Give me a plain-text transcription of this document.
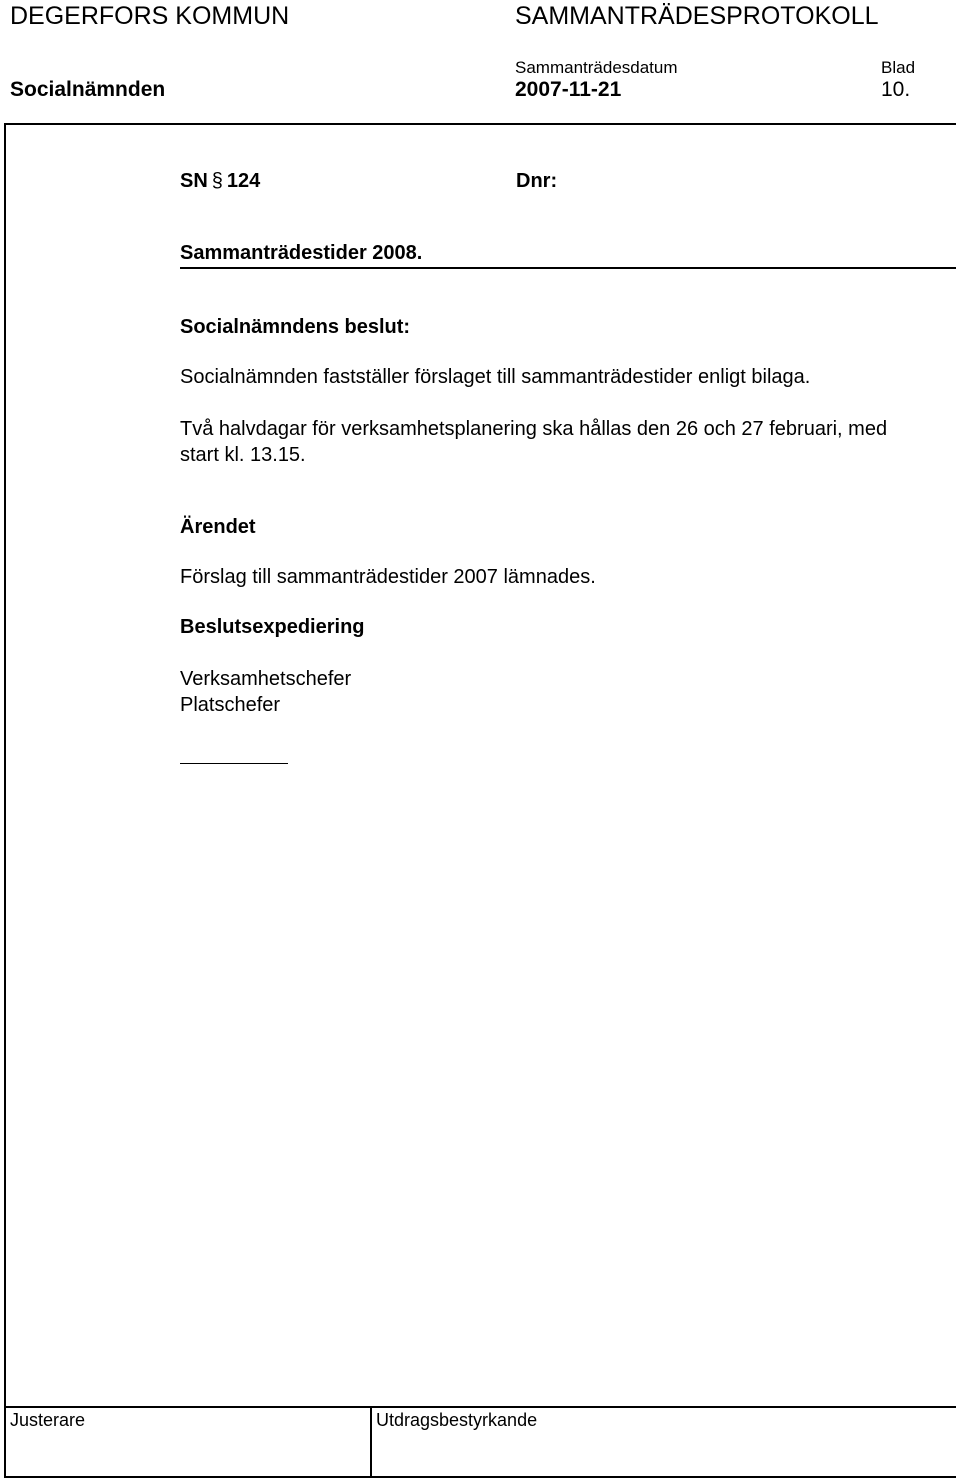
DEGERFORS KOMMUN	SAMMANTRÄDESPROTOKOLL
Sammanträdesdatum	Blad
Socialnämnden	2007-11-21	10.
SN § 124	Dnr:
Sammanträdestider 2008.
Socialnämndens beslut:
Socialnämnden fastställer förslaget till sammanträdestider enligt bilaga.
Två halvdagar för verksamhetsplanering ska hållas den 26 och 27 februari, med start kl. 13.15.
Ärendet
Förslag till sammanträdestider 2007 lämnades.
Beslutsexpediering
Verksamhetschefer
Platschefer
Justerare	Utdragsbestyrkande
